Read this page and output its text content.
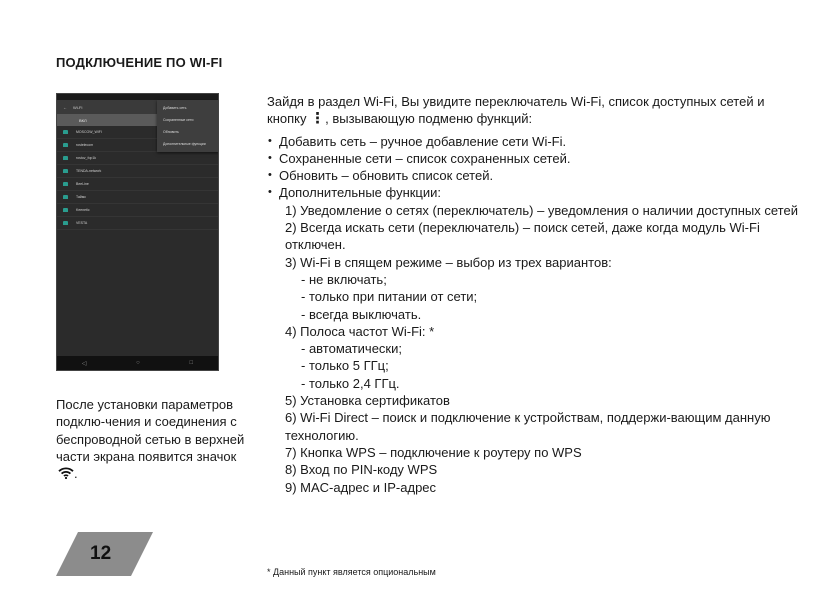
ПОДКЛЮЧЕНИЕ ПО WI-FI
← Wi-Fi
ВКЛ
MOSCOW_WIFI
rostelecom
rostov_fop1k
TENDA-network
BeeLine
Таймс
Keenetic
VESTA
Добавить сеть
Сохраненные сети
Обновить
Дополнительные функции
◁	○	□

После установки параметров подклю-чения и соединения с беспроводной сетью в верхней части экрана появится значок .

12

Зайдя в раздел Wi-Fi, Вы увидите переключатель Wi-Fi, список доступных сетей и кнопку ⋮, вызывающую подменю функций:

• Добавить сеть – ручное добавление сети Wi-Fi.
• Сохраненные сети – список сохраненных сетей.
• Обновить – обновить список сетей.
• Дополнительные функции:
1) Уведомление о сетях (переключатель) – уведомления о наличии доступных сетей
2) Всегда искать сети (переключатель) – поиск сетей, даже когда модуль Wi-Fi отключен.
3) Wi-Fi в спящем режиме – выбор из трех вариантов:
- не включать;
- только при питании от сети;
- всегда выключать.
4) Полоса частот Wi-Fi: *
- автоматически;
- только 5 ГГц;
- только 2,4 ГГц.
5) Установка сертификатов
6) Wi-Fi Direct – поиск и подключение к устройствам, поддержи-вающим данную технологию.
7) Кнопка WPS – подключение к роутеру по WPS
8) Вход по PIN-коду WPS
9) MAC-адрес и IP-адрес

* Данный пункт является опциональным
